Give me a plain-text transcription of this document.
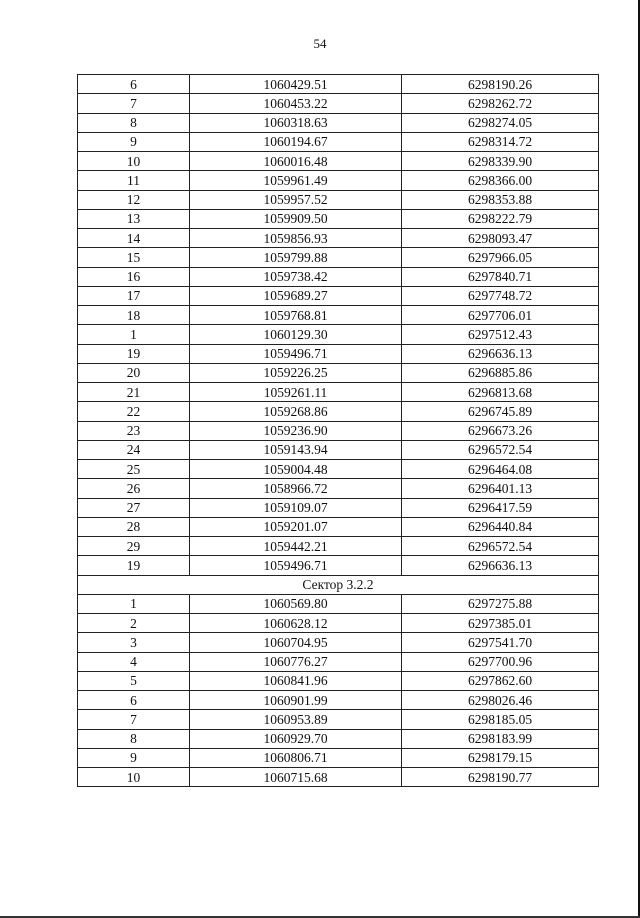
54
6	1060429.51	6298190.26
7	1060453.22	6298262.72
8	1060318.63	6298274.05
9	1060194.67	6298314.72
10	1060016.48	6298339.90
11	1059961.49	6298366.00
12	1059957.52	6298353.88
13	1059909.50	6298222.79
14	1059856.93	6298093.47
15	1059799.88	6297966.05
16	1059738.42	6297840.71
17	1059689.27	6297748.72
18	1059768.81	6297706.01
1	1060129.30	6297512.43
19	1059496.71	6296636.13
20	1059226.25	6296885.86
21	1059261.11	6296813.68
22	1059268.86	6296745.89
23	1059236.90	6296673.26
24	1059143.94	6296572.54
25	1059004.48	6296464.08
26	1058966.72	6296401.13
27	1059109.07	6296417.59
28	1059201.07	6296440.84
29	1059442.21	6296572.54
19	1059496.71	6296636.13
Сектор 3.2.2		
1	1060569.80	6297275.88
2	1060628.12	6297385.01
3	1060704.95	6297541.70
4	1060776.27	6297700.96
5	1060841.96	6297862.60
6	1060901.99	6298026.46
7	1060953.89	6298185.05
8	1060929.70	6298183.99
9	1060806.71	6298179.15
10	1060715.68	6298190.77
